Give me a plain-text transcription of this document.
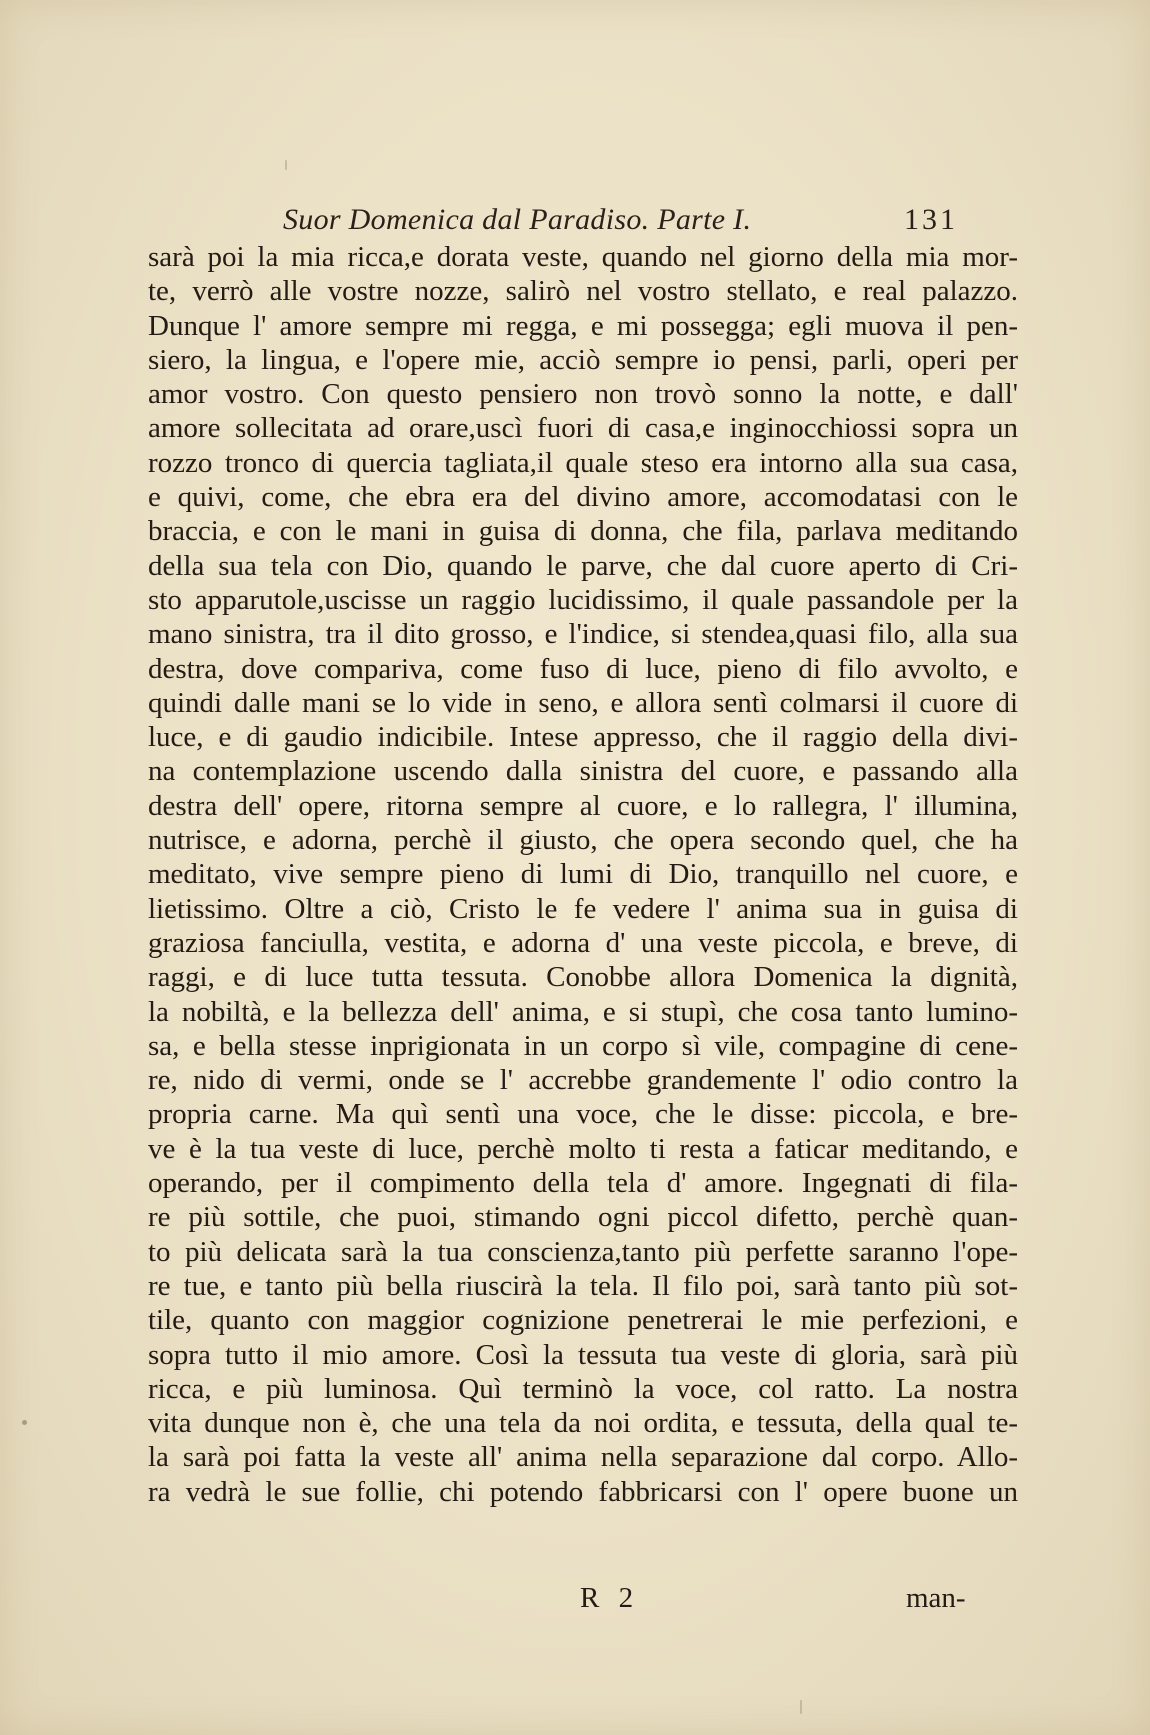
Suor Domenica dal Paradiso. Parte I.	131
sarà poi la mia ricca,e dorata veste, quando nel giorno della mia mor-
te, verrò alle vostre nozze, salirò nel vostro stellato, e real palazzo.
Dunque l' amore sempre mi regga, e mi possegga; egli muova il pen-
siero, la lingua, e l'opere mie, acciò sempre io pensi, parli, operi per
amor vostro. Con questo pensiero non trovò sonno la notte, e dall'
amore sollecitata ad orare,uscì fuori di casa,e inginocchiossi sopra un
rozzo tronco di quercia tagliata,il quale steso era intorno alla sua casa,
e quivi, come, che ebra era del divino amore, accomodatasi con le
braccia, e con le mani in guisa di donna, che fila, parlava meditando
della sua tela con Dio, quando le parve, che dal cuore aperto di Cri-
sto apparutole,uscisse un raggio lucidissimo, il quale passandole per la
mano sinistra, tra il dito grosso, e l'indice, si stendea,quasi filo, alla sua
destra, dove compariva, come fuso di luce, pieno di filo avvolto, e
quindi dalle mani se lo vide in seno, e allora sentì colmarsi il cuore di
luce, e di gaudio indicibile. Intese appresso, che il raggio della divi-
na contemplazione uscendo dalla sinistra del cuore, e passando alla
destra dell' opere, ritorna sempre al cuore, e lo rallegra, l' illumina,
nutrisce, e adorna, perchè il giusto, che opera secondo quel, che ha
meditato, vive sempre pieno di lumi di Dio, tranquillo nel cuore, e
lietissimo. Oltre a ciò, Cristo le fe vedere l' anima sua in guisa di
graziosa fanciulla, vestita, e adorna d' una veste piccola, e breve, di
raggi, e di luce tutta tessuta. Conobbe allora Domenica la dignità,
la nobiltà, e la bellezza dell' anima, e si stupì, che cosa tanto lumino-
sa, e bella stesse inprigionata in un corpo sì vile, compagine di cene-
re, nido di vermi, onde se l' accrebbe grandemente l' odio contro la
propria carne. Ma quì sentì una voce, che le disse: piccola, e bre-
ve è la tua veste di luce, perchè molto ti resta a faticar meditando, e
operando, per il compimento della tela d' amore. Ingegnati di fila-
re più sottile, che puoi, stimando ogni piccol difetto, perchè quan-
to più delicata sarà la tua conscienza,tanto più perfette saranno l'ope-
re tue, e tanto più bella riuscirà la tela. Il filo poi, sarà tanto più sot-
tile, quanto con maggior cognizione penetrerai le mie perfezioni, e
sopra tutto il mio amore. Così la tessuta tua veste di gloria, sarà più
ricca, e più luminosa. Quì terminò la voce, col ratto. La nostra
vita dunque non è, che una tela da noi ordita, e tessuta, della qual te-
la sarà poi fatta la veste all' anima nella separazione dal corpo. Allo-
ra vedrà le sue follie, chi potendo fabbricarsi con l' opere buone un
R 2	man-
